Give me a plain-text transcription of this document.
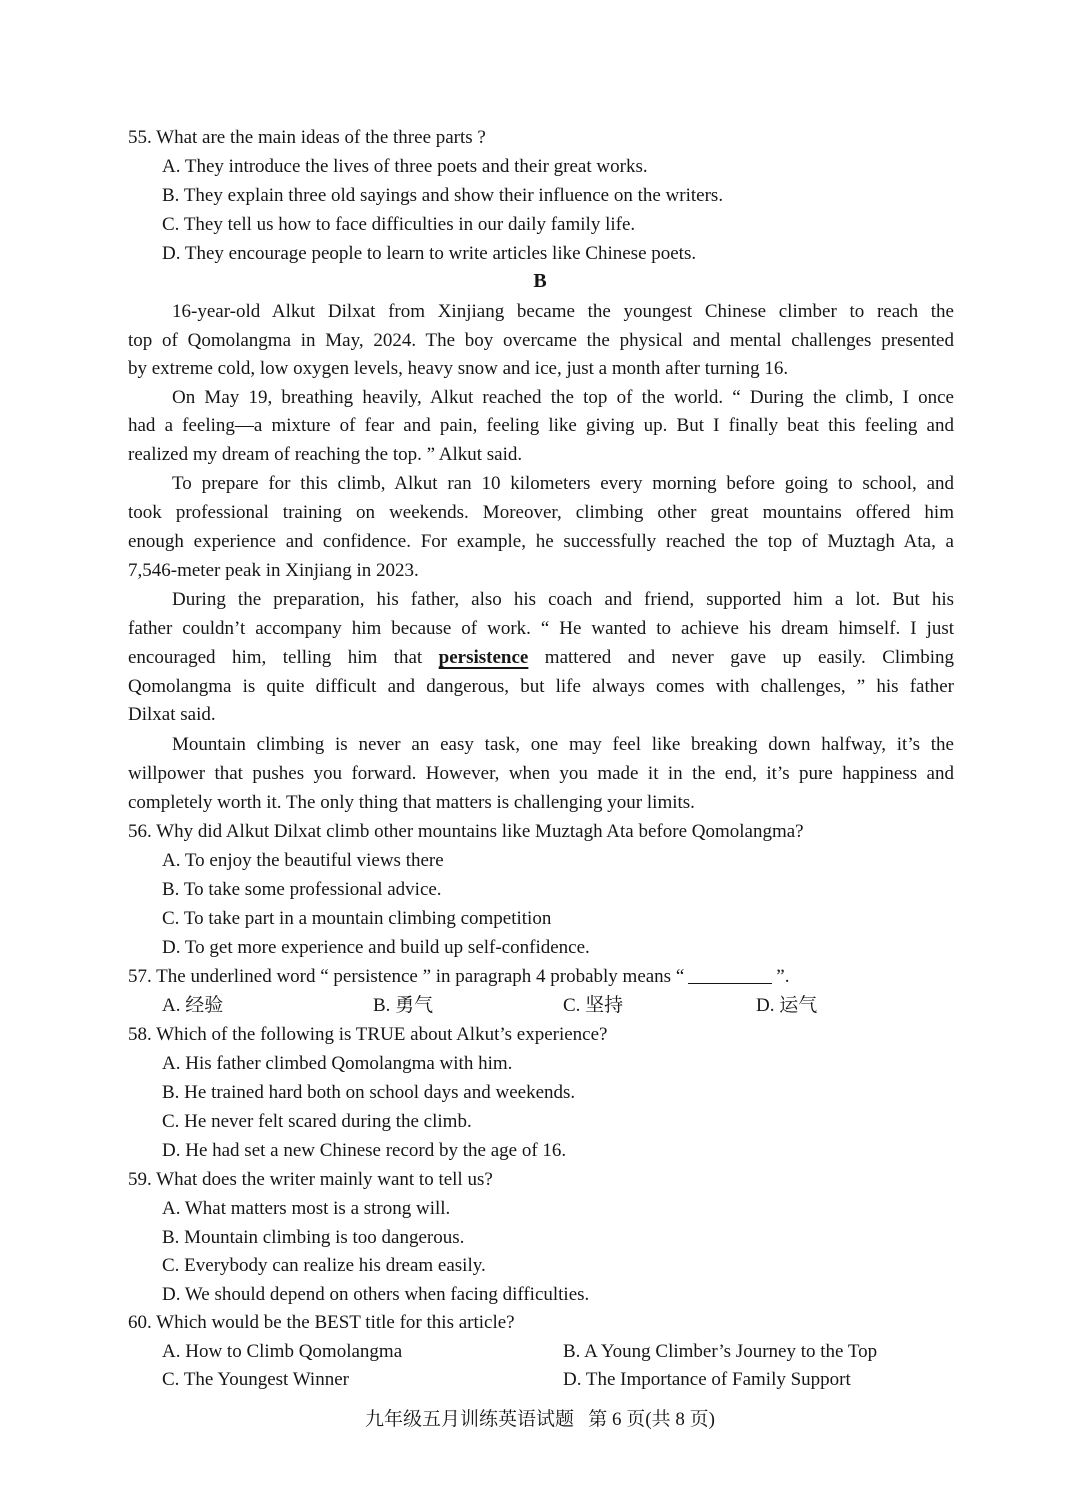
55. What are the main ideas of the three parts ?
A. They introduce the lives of three poets and their great works.
B. They explain three old sayings and show their influence on the writers.
C. They tell us how to face difficulties in our daily family life.
D. They encourage people to learn to write articles like Chinese poets.
B
16-year-old Alkut Dilxat from Xinjiang became the youngest Chinese climber to reach the
top of Qomolangma in May, 2024. The boy overcame the physical and mental challenges presented
by extreme cold, low oxygen levels, heavy snow and ice, just a month after turning 16.
On May 19, breathing heavily, Alkut reached the top of the world. “ During the climb, I once
had a feeling—a mixture of fear and pain, feeling like giving up. But I finally beat this feeling and
realized my dream of reaching the top. ” Alkut said.
To prepare for this climb, Alkut ran 10 kilometers every morning before going to school, and
took professional training on weekends. Moreover, climbing other great mountains offered him
enough experience and confidence. For example, he successfully reached the top of Muztagh Ata, a
7,546-meter peak in Xinjiang in 2023.
During the preparation, his father, also his coach and friend, supported him a lot. But his
father couldn’t accompany him because of work. “ He wanted to achieve his dream himself. I just
encouraged him, telling him that persistence mattered and never gave up easily. Climbing
Qomolangma is quite difficult and dangerous, but life always comes with challenges, ” his father
Dilxat said.
Mountain climbing is never an easy task, one may feel like breaking down halfway, it’s the
willpower that pushes you forward. However, when you made it in the end, it’s pure happiness and
completely worth it. The only thing that matters is challenging your limits.
56. Why did Alkut Dilxat climb other mountains like Muztagh Ata before Qomolangma?
A. To enjoy the beautiful views there
B. To take some professional advice.
C. To take part in a mountain climbing competition
D. To get more experience and build up self-confidence.
57. The underlined word “ persistence ” in paragraph 4 probably means “	”.
A. 经验	B. 勇气	C. 坚持	D. 运气
58. Which of the following is TRUE about Alkut’s experience?
A. His father climbed Qomolangma with him.
B. He trained hard both on school days and weekends.
C. He never felt scared during the climb.
D. He had set a new Chinese record by the age of 16.
59. What does the writer mainly want to tell us?
A. What matters most is a strong will.
B. Mountain climbing is too dangerous.
C. Everybody can realize his dream easily.
D. We should depend on others when facing difficulties.
60. Which would be the BEST title for this article?
A. How to Climb Qomolangma	B. A Young Climber’s Journey to the Top
C. The Youngest Winner	D. The Importance of Family Support
九年级五月训练英语试题   第 6 页(共 8 页)
